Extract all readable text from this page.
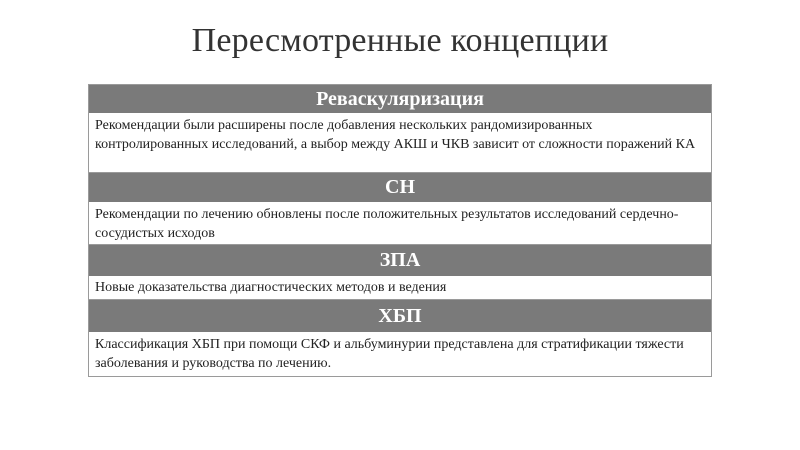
Пересмотренные концепции
Реваскуляризация
Рекомендации были расширены после добавления нескольких рандомизированных контролированных исследований, а выбор между АКШ и ЧКВ зависит от сложности поражений КА
СН
Рекомендации по лечению обновлены после положительных результатов исследований сердечно-сосудистых исходов
ЗПА
Новые доказательства диагностических методов и ведения
ХБП
Классификация ХБП при помощи СКФ и альбуминурии представлена для стратификации тяжести заболевания и руководства по лечению.
